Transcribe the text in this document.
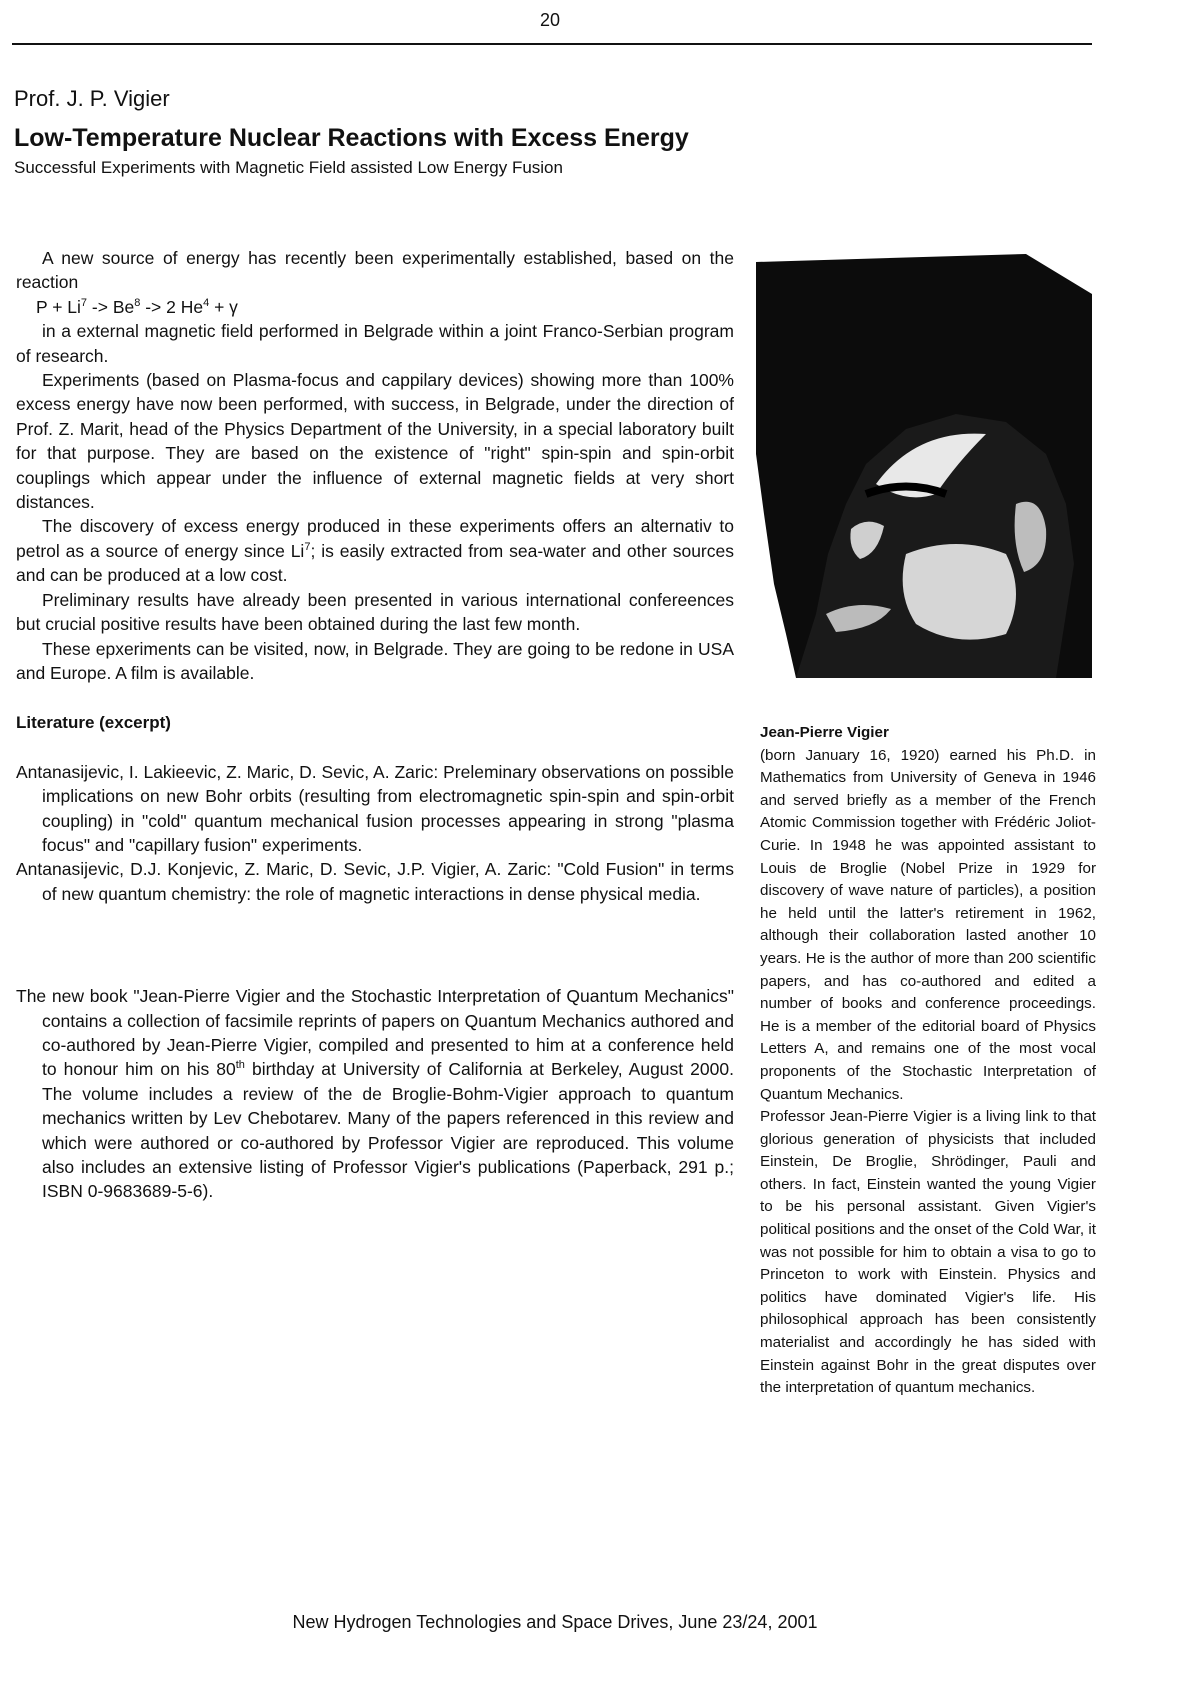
20
Prof. J. P. Vigier
Low-Temperature Nuclear Reactions with Excess Energy
Successful Experiments with Magnetic Field assisted Low Energy Fusion

A new source of energy has recently been experimentally established, based on the reaction

$P + Li^7 -> Be^8 -> 2$ $He^4 + \gamma$

in a external magnetic field performed in Belgrade within a joint Franco-Serbian program of research.

Experiments (based on Plasma-focus and cappilary devices) showing more than 100% excess energy have now been performed, with success, in Belgrade, under the direction of Prof. Z. Marit, head of the Physics Department of the University, in a special laboratory built for that purpose. They are based on the existence of "right" spin-spin and spin-orbit couplings which appear under the influence of external magnetic fields at very short distances.

The discovery of excess energy produced in these experiments offers an alternativ to petrol as a source of energy since Li$^7$; is easily extracted from sea-water and other sources and can be produced at a low cost.

Preliminary results have already been presented in various international confereences but crucial positive results have been obtained during the last few month.

These epxeriments can be visited, now, in Belgrade. They are going to be redone in USA and Europe. A film is available.

Literature (excerpt)

Antanasijevic, I. Lakieevic, Z. Maric, D. Sevic, A. Zaric: Preleminary observations on possible implications on new Bohr orbits (resulting from electromagnetic spin-spin and spin-orbit coupling) in "cold" quantum mechanical fusion processes appearing in strong "plasma focus" and "capillary fusion" experiments.

Antanasijevic, D.J. Konjevic, Z. Maric, D. Sevic, J.P. Vigier, A. Zaric: "Cold Fusion" in terms of new quantum chemistry: the role of magnetic interactions in dense physical media.

The new book "Jean-Pierre Vigier and the Stochastic Interpretation of Quantum Mechanics" contains a collection of facsimile reprints of papers on Quantum Mechanics authored and co-authored by Jean-Pierre Vigier, compiled and presented to him at a conference held to honour him on his 80th birthday at University of California at Berkeley, August 2000. The volume includes a review of the de Broglie-Bohm-Vigier approach to quantum mechanics written by Lev Chebotarev. Many of the papers referenced in this review and which were authored or co-authored by Professor Vigier are reproduced. This volume also includes an extensive listing of Professor Vigier's publications (Paperback, 291 p.; ISBN 0-9683689-5-6).

Jean-Pierre Vigier

(born January 16, 1920) earned his Ph.D. in Mathematics from University of Geneva in 1946 and served briefly as a member of the French Atomic Commission together with Frédéric Joliot-Curie. In 1948 he was appointed assistant to Louis de Broglie (Nobel Prize in 1929 for discovery of wave nature of particles), a position he held until the latter's retirement in 1962, although their collaboration lasted another 10 years. He is the author of more than 200 scientific papers, and has co-authored and edited a number of books and conference proceedings. He is a member of the editorial board of Physics Letters A, and remains one of the most vocal proponents of the Stochastic Interpretation of Quantum Mechanics.

Professor Jean-Pierre Vigier is a living link to that glorious generation of physicists that included Einstein, De Broglie, Shrödinger, Pauli and others. In fact, Einstein wanted the young Vigier to be his personal assistant. Given Vigier's political positions and the onset of the Cold War, it was not possible for him to obtain a visa to go to Princeton to work with Einstein. Physics and politics have dominated Vigier's life. His philosophical approach has been consistently materialist and accordingly he has sided with Einstein against Bohr in the great disputes over the interpretation of quantum mechanics.

New Hydrogen Technologies and Space Drives, June 23/24, 2001
